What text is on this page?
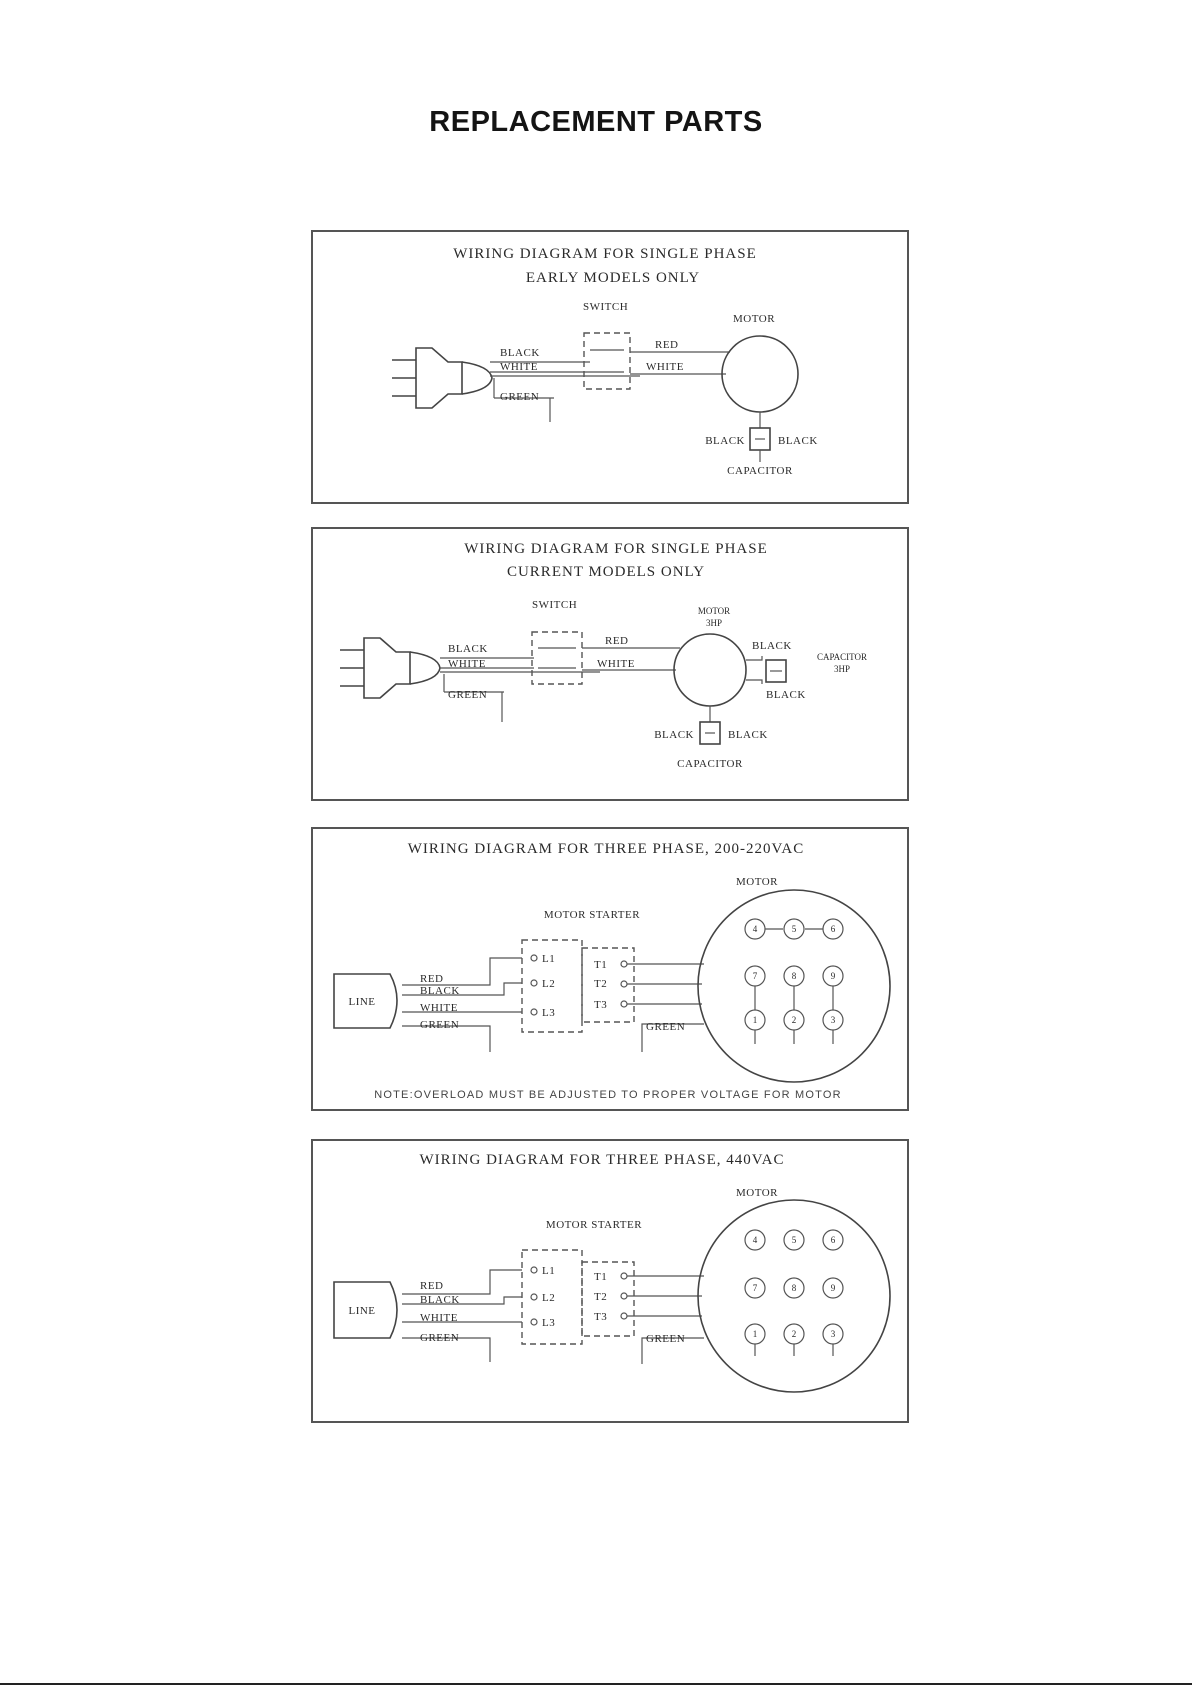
REPLACEMENT PARTS
WIRING DIAGRAM FOR SINGLE PHASE
EARLY MODELS ONLY
BLACK
WHITE
GREEN
SWITCH
RED
WHITE
MOTOR
BLACK	BLACK
CAPACITOR
WIRING DIAGRAM FOR SINGLE PHASE
CURRENT MODELS ONLY
BLACK
WHITE
GREEN
SWITCH
RED
WHITE
MOTOR
3HP
BLACK
BLACK
CAPACITOR
3HP
BLACK	BLACK
CAPACITOR
WIRING DIAGRAM FOR THREE PHASE, 200-220VAC
MOTOR
MOTOR STARTER
LINE
RED
BLACK
WHITE
GREEN
L1
L2
L3
T1
T2
T3
GREEN
4	5	6
7	8	9
1	2	3
NOTE:OVERLOAD MUST BE ADJUSTED TO PROPER VOLTAGE FOR MOTOR
WIRING DIAGRAM FOR THREE PHASE, 440VAC
MOTOR
MOTOR STARTER
LINE
RED
BLACK
WHITE
GREEN
L1
L2
L3
T1
T2
T3
GREEN
4	5	6
7	8	9
1	2	3
